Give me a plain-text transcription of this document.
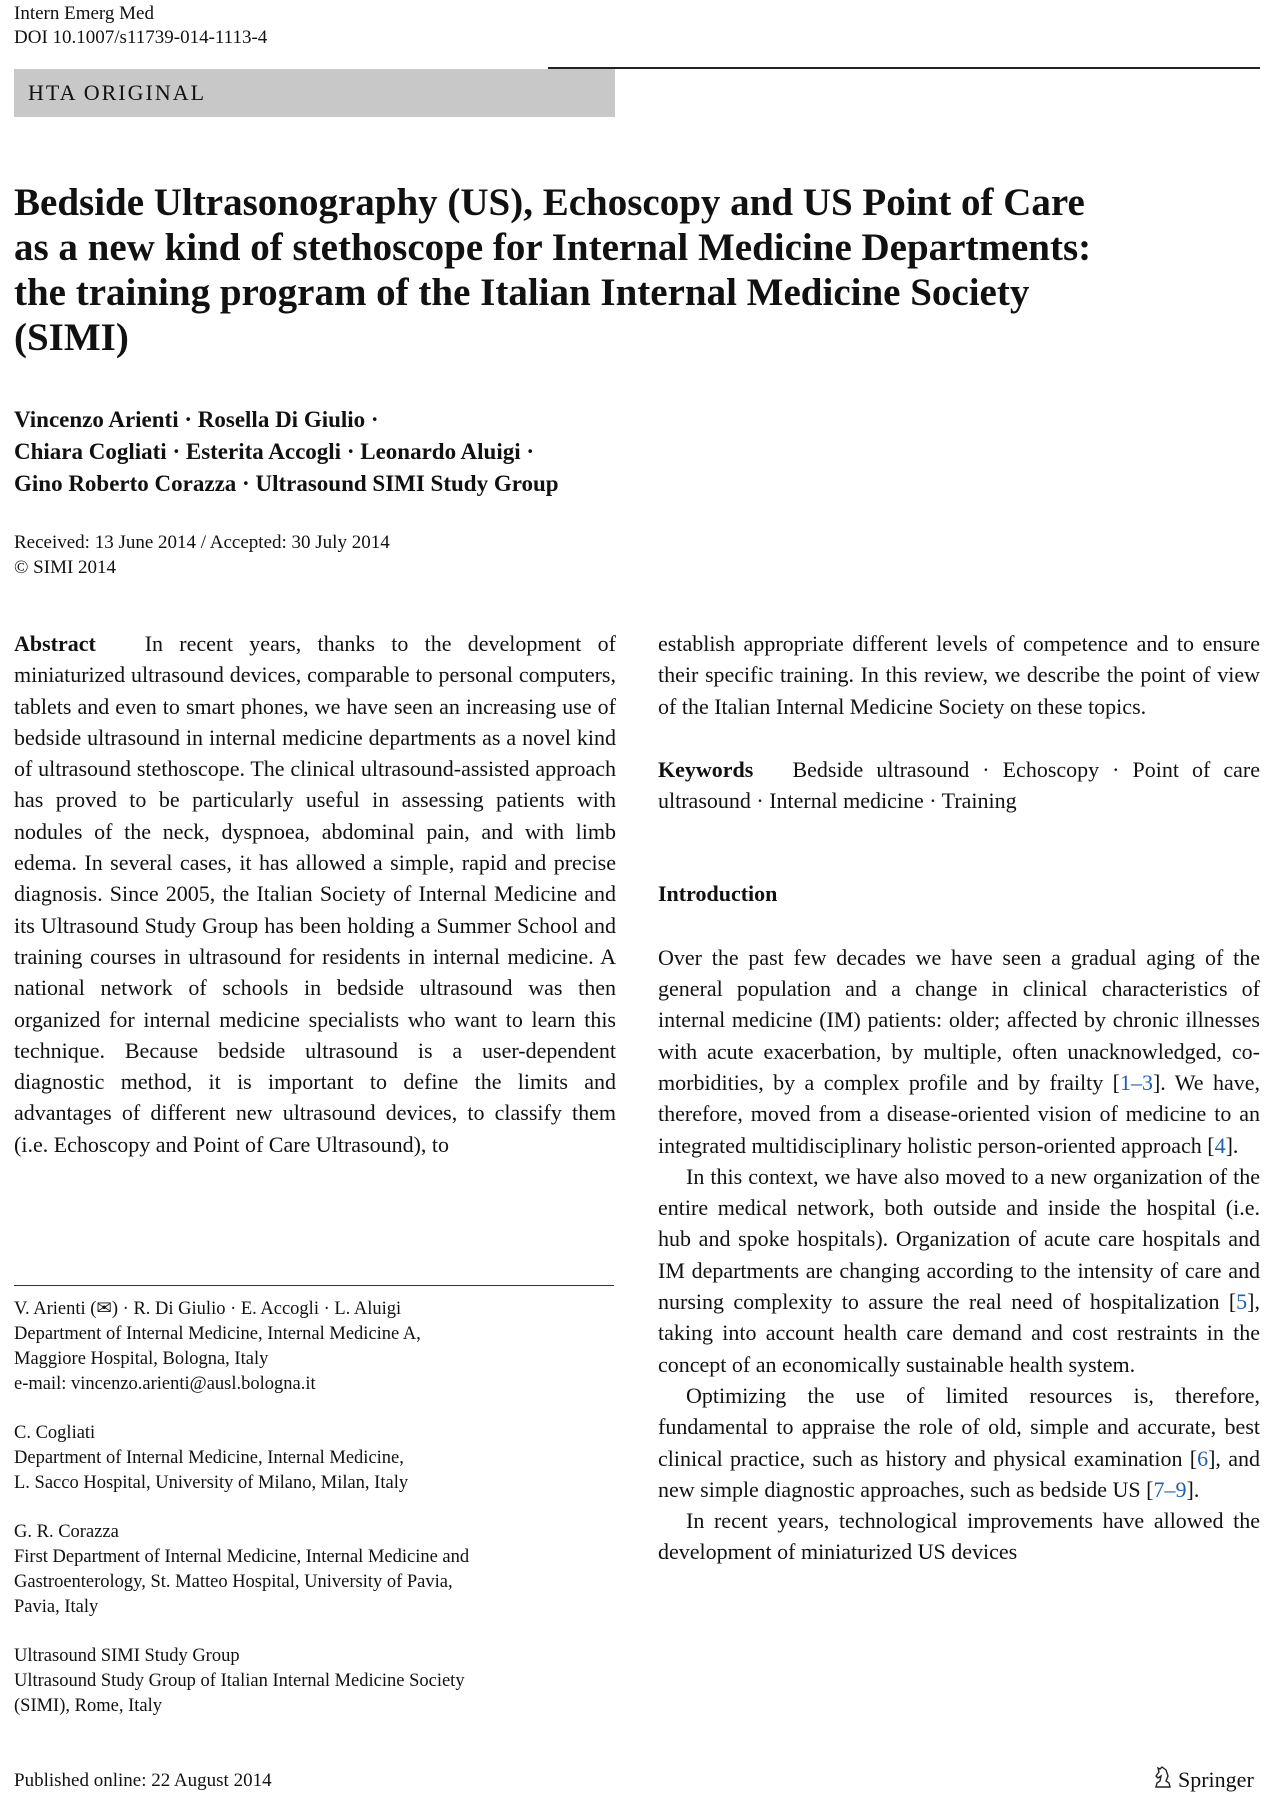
Intern Emerg Med
DOI 10.1007/s11739-014-1113-4
HTA ORIGINAL
Bedside Ultrasonography (US), Echoscopy and US Point of Care
as a new kind of stethoscope for Internal Medicine Departments:
the training program of the Italian Internal Medicine Society
(SIMI)
Vincenzo Arienti · Rosella Di Giulio ·
Chiara Cogliati · Esterita Accogli · Leonardo Aluigi ·
Gino Roberto Corazza · Ultrasound SIMI Study Group
Received: 13 June 2014 / Accepted: 30 July 2014
© SIMI 2014

Abstract In recent years, thanks to the development of miniaturized ultrasound devices, comparable to personal computers, tablets and even to smart phones, we have seen an increasing use of bedside ultrasound in internal medicine departments as a novel kind of ultrasound stethoscope. The clinical ultrasound-assisted approach has proved to be particularly useful in assessing patients with nodules of the neck, dyspnoea, abdominal pain, and with limb edema. In several cases, it has allowed a simple, rapid and precise diagnosis. Since 2005, the Italian Society of Internal Medicine and its Ultrasound Study Group has been holding a Summer School and training courses in ultrasound for residents in internal medicine. A national network of schools in bedside ultrasound was then organized for internal medicine specialists who want to learn this technique. Because bedside ultrasound is a user-dependent diagnostic method, it is important to define the limits and advantages of different new ultrasound devices, to classify them (i.e. Echoscopy and Point of Care Ultrasound), to

establish appropriate different levels of competence and to ensure their specific training. In this review, we describe the point of view of the Italian Internal Medicine Society on these topics.

Keywords Bedside ultrasound · Echoscopy · Point of care ultrasound · Internal medicine · Training

Introduction

Over the past few decades we have seen a gradual aging of the general population and a change in clinical characteristics of internal medicine (IM) patients: older; affected by chronic illnesses with acute exacerbation, by multiple, often unacknowledged, co-morbidities, by a complex profile and by frailty [1–3]. We have, therefore, moved from a disease-oriented vision of medicine to an integrated multidisciplinary holistic person-oriented approach [4].

In this context, we have also moved to a new organization of the entire medical network, both outside and inside the hospital (i.e. hub and spoke hospitals). Organization of acute care hospitals and IM departments are changing according to the intensity of care and nursing complexity to assure the real need of hospitalization [5], taking into account health care demand and cost restraints in the concept of an economically sustainable health system.

Optimizing the use of limited resources is, therefore, fundamental to appraise the role of old, simple and accurate, best clinical practice, such as history and physical examination [6], and new simple diagnostic approaches, such as bedside US [7–9].

In recent years, technological improvements have allowed the development of miniaturized US devices

V. Arienti (✉) · R. Di Giulio · E. Accogli · L. Aluigi
Department of Internal Medicine, Internal Medicine A,
Maggiore Hospital, Bologna, Italy
e-mail: vincenzo.arienti@ausl.bologna.it

C. Cogliati
Department of Internal Medicine, Internal Medicine,
L. Sacco Hospital, University of Milano, Milan, Italy

G. R. Corazza
First Department of Internal Medicine, Internal Medicine and
Gastroenterology, St. Matteo Hospital, University of Pavia,
Pavia, Italy

Ultrasound SIMI Study Group
Ultrasound Study Group of Italian Internal Medicine Society
(SIMI), Rome, Italy

Published online: 22 August 2014	Springer
